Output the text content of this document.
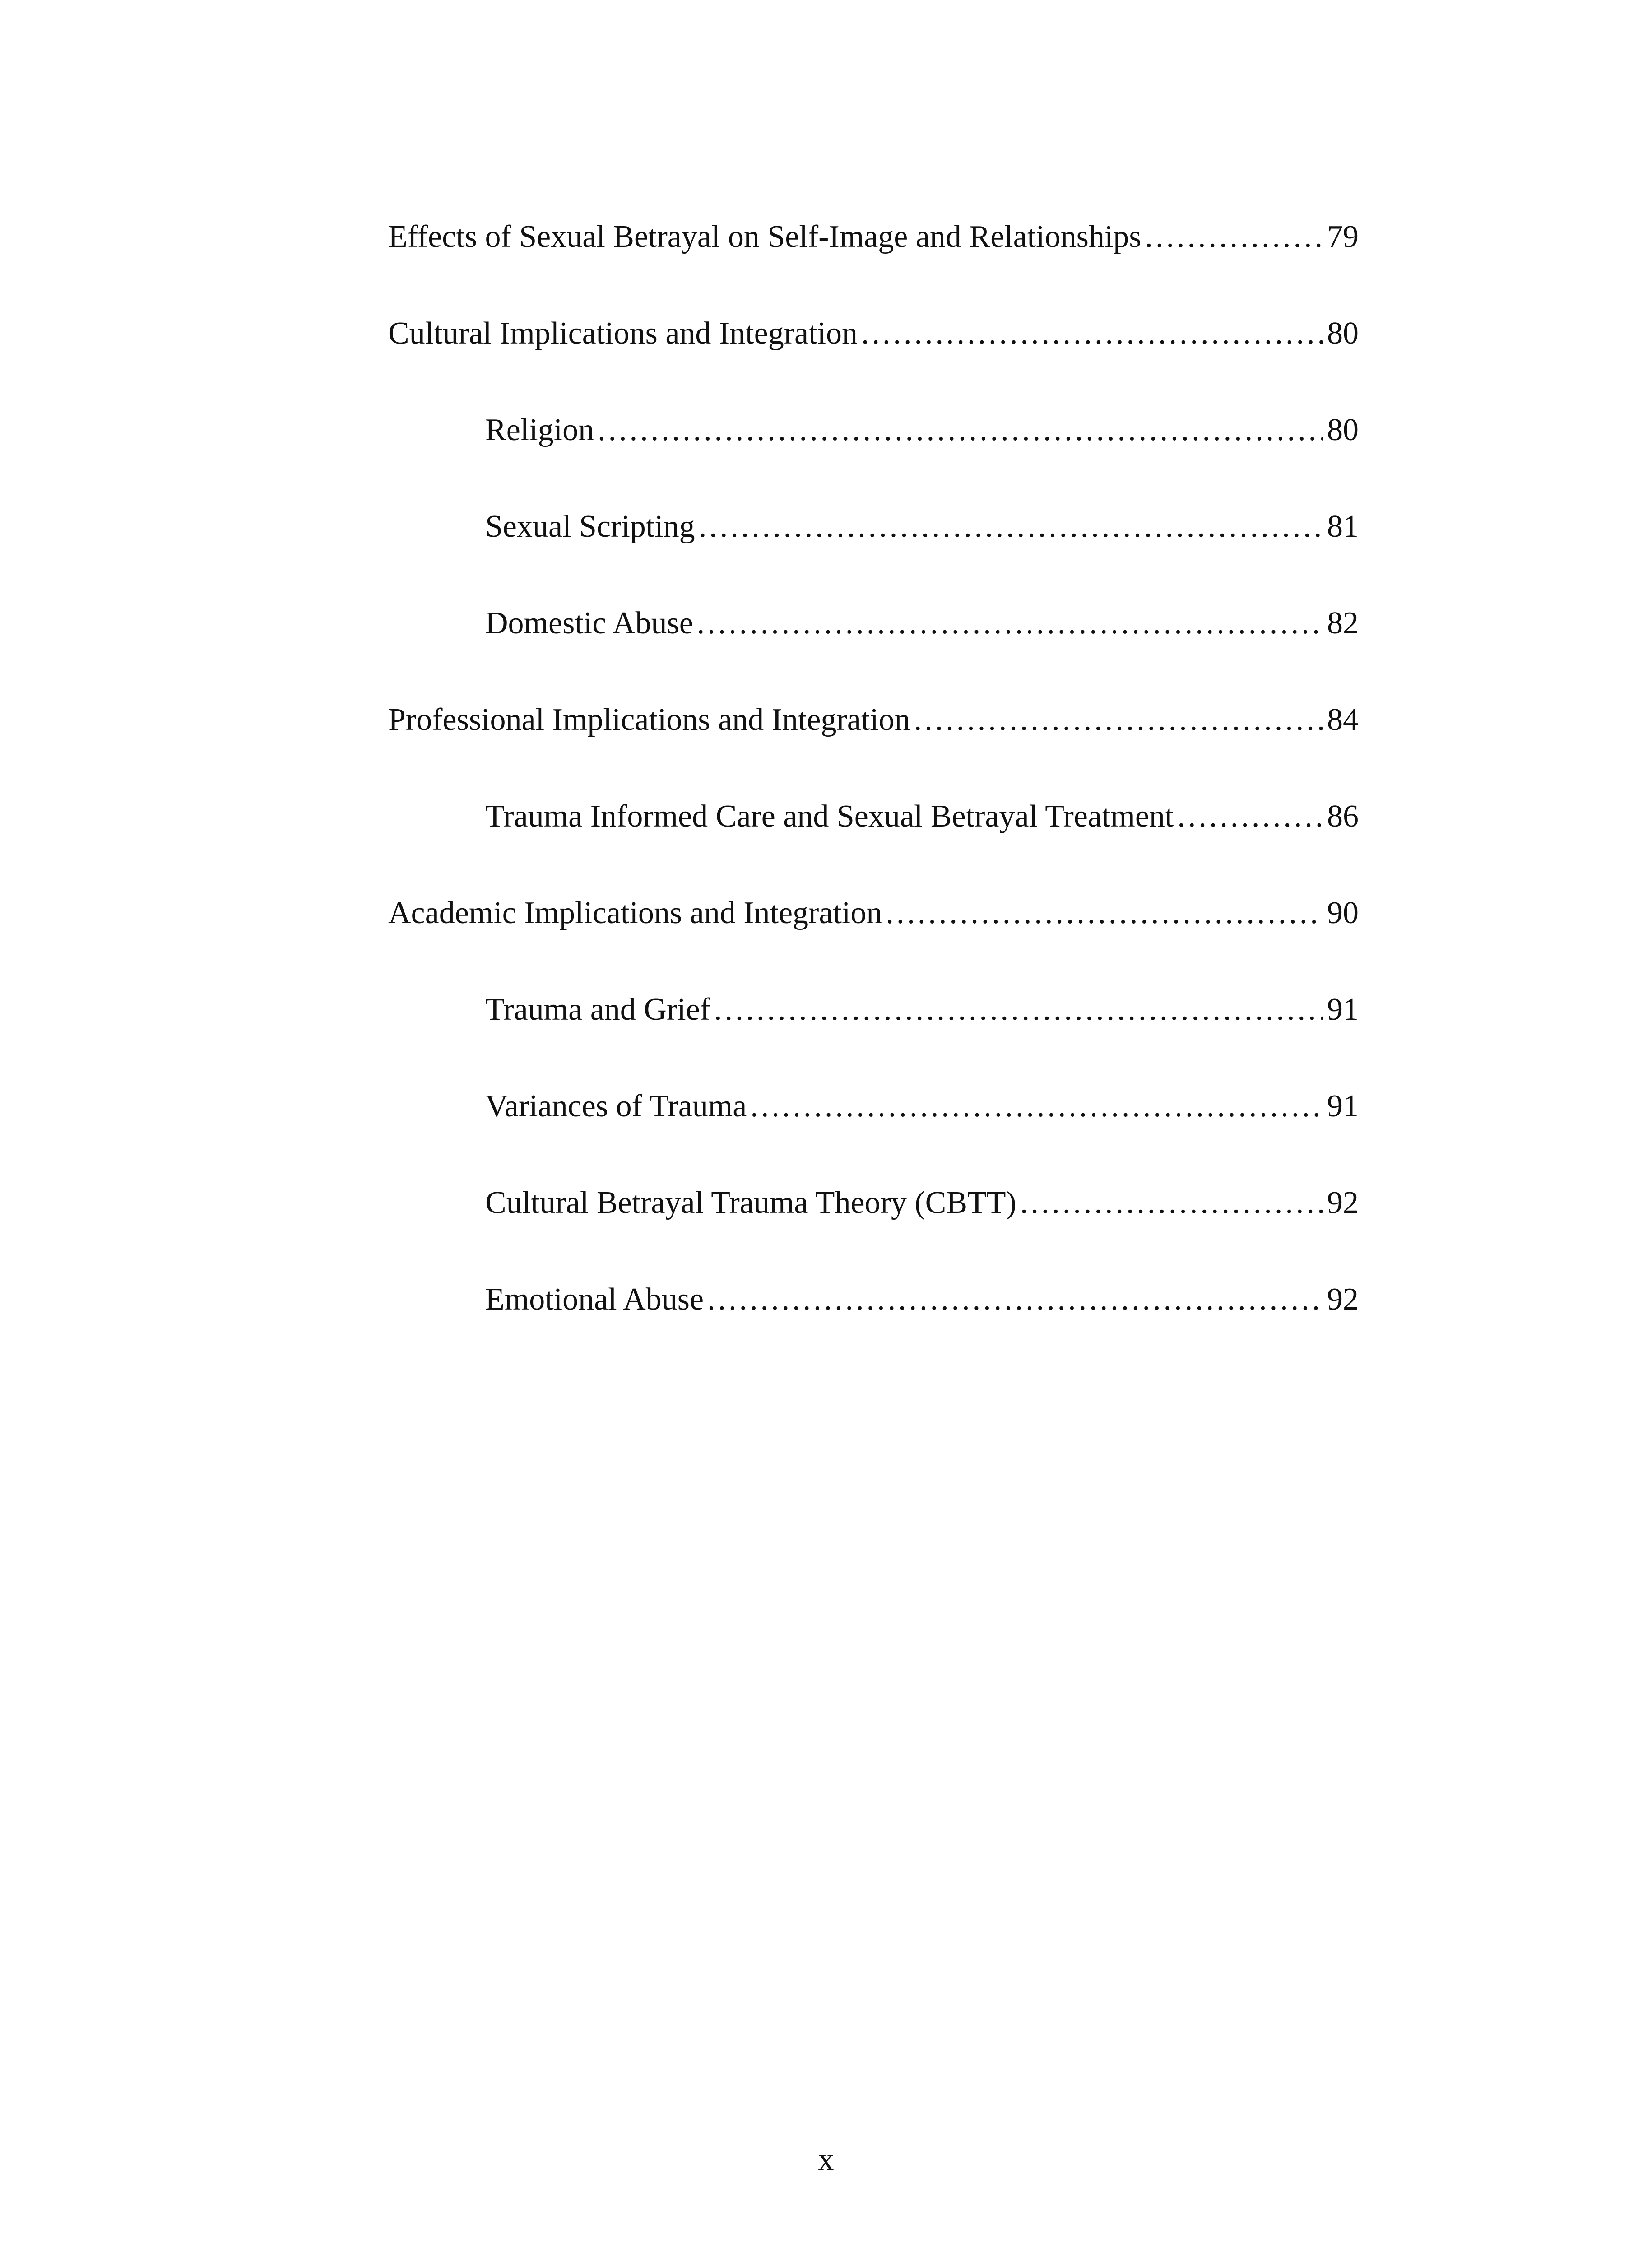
Effects of Sexual Betrayal on Self-Image and Relationships .....	79
Cultural Implications and Integration .....	80
Religion .....	80
Sexual Scripting .....	81
Domestic Abuse .....	82
Professional Implications and Integration .....	84
Trauma Informed Care and Sexual Betrayal Treatment .....	86
Academic Implications and Integration .....	90
Trauma and Grief .....	91
Variances of Trauma .....	91
Cultural Betrayal Trauma Theory (CBTT) .....	92
Emotional Abuse .....	92
x
